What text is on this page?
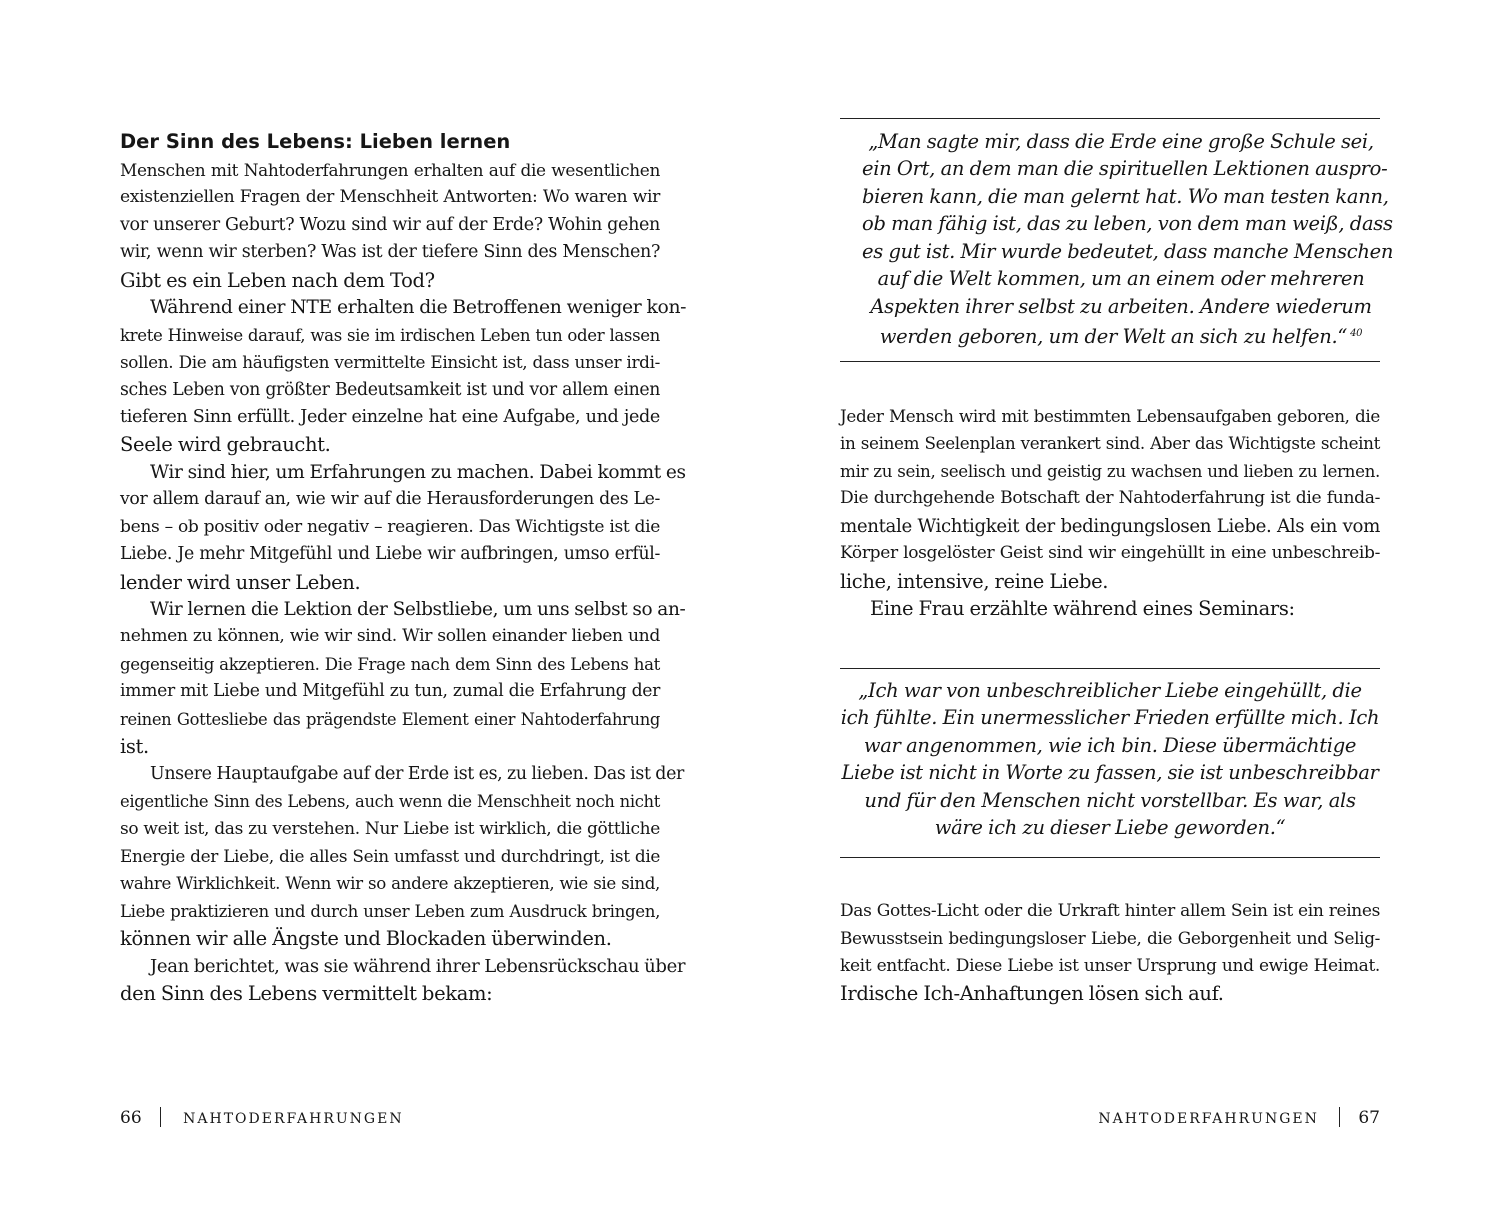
Der Sinn des Lebens: Lieben lernen

Menschen mit Nahtoderfahrungen erhalten auf die wesentlichen
existenziellen Fragen der Menschheit Antworten: Wo waren wir
vor unserer Geburt? Wozu sind wir auf der Erde? Wohin gehen
wir, wenn wir sterben? Was ist der tiefere Sinn des Menschen?
Gibt es ein Leben nach dem Tod?

Während einer NTE erhalten die Betroffenen weniger kon-
krete Hinweise darauf, was sie im irdischen Leben tun oder lassen
sollen. Die am häufigsten vermittelte Einsicht ist, dass unser irdi-
sches Leben von größter Bedeutsamkeit ist und vor allem einen
tieferen Sinn erfüllt. Jeder einzelne hat eine Aufgabe, und jede
Seele wird gebraucht.

Wir sind hier, um Erfahrungen zu machen. Dabei kommt es
vor allem darauf an, wie wir auf die Herausforderungen des Le-
bens – ob positiv oder negativ – reagieren. Das Wichtigste ist die
Liebe. Je mehr Mitgefühl und Liebe wir aufbringen, umso erfül-
lender wird unser Leben.

Wir lernen die Lektion der Selbstliebe, um uns selbst so an-
nehmen zu können, wie wir sind. Wir sollen einander lieben und
gegenseitig akzeptieren. Die Frage nach dem Sinn des Lebens hat
immer mit Liebe und Mitgefühl zu tun, zumal die Erfahrung der
reinen Gottesliebe das prägendste Element einer Nahtoderfahrung
ist.

Unsere Hauptaufgabe auf der Erde ist es, zu lieben. Das ist der
eigentliche Sinn des Lebens, auch wenn die Menschheit noch nicht
so weit ist, das zu verstehen. Nur Liebe ist wirklich, die göttliche
Energie der Liebe, die alles Sein umfasst und durchdringt, ist die
wahre Wirklichkeit. Wenn wir so andere akzeptieren, wie sie sind,
Liebe praktizieren und durch unser Leben zum Ausdruck bringen,
können wir alle Ängste und Blockaden überwinden.

Jean berichtet, was sie während ihrer Lebensrückschau über
den Sinn des Lebens vermittelt bekam:

66	NAHTODERFAHRUNGEN

„Man sagte mir, dass die Erde eine große Schule sei,
ein Ort, an dem man die spirituellen Lektionen auspro-
bieren kann, die man gelernt hat. Wo man testen kann,
ob man fähig ist, das zu leben, von dem man weiß, dass
es gut ist. Mir wurde bedeutet, dass manche Menschen
auf die Welt kommen, um an einem oder mehreren
Aspekten ihrer selbst zu arbeiten. Andere wiederum
werden geboren, um der Welt an sich zu helfen.“ $^{40}$

Jeder Mensch wird mit bestimmten Lebensaufgaben geboren, die
in seinem Seelenplan verankert sind. Aber das Wichtigste scheint
mir zu sein, seelisch und geistig zu wachsen und lieben zu lernen.
Die durchgehende Botschaft der Nahtoderfahrung ist die funda-
mentale Wichtigkeit der bedingungslosen Liebe. Als ein vom
Körper losgelöster Geist sind wir eingehüllt in eine unbeschreib-
liche, intensive, reine Liebe.

Eine Frau erzählte während eines Seminars:

„Ich war von unbeschreiblicher Liebe eingehüllt, die
ich fühlte. Ein unermesslicher Frieden erfüllte mich. Ich
war angenommen, wie ich bin. Diese übermächtige
Liebe ist nicht in Worte zu fassen, sie ist unbeschreibbar
und für den Menschen nicht vorstellbar. Es war, als
wäre ich zu dieser Liebe geworden.“

Das Gottes-Licht oder die Urkraft hinter allem Sein ist ein reines
Bewusstsein bedingungsloser Liebe, die Geborgenheit und Selig-
keit entfacht. Diese Liebe ist unser Ursprung und ewige Heimat.
Irdische Ich-Anhaftungen lösen sich auf.

NAHTODERFAHRUNGEN 67
